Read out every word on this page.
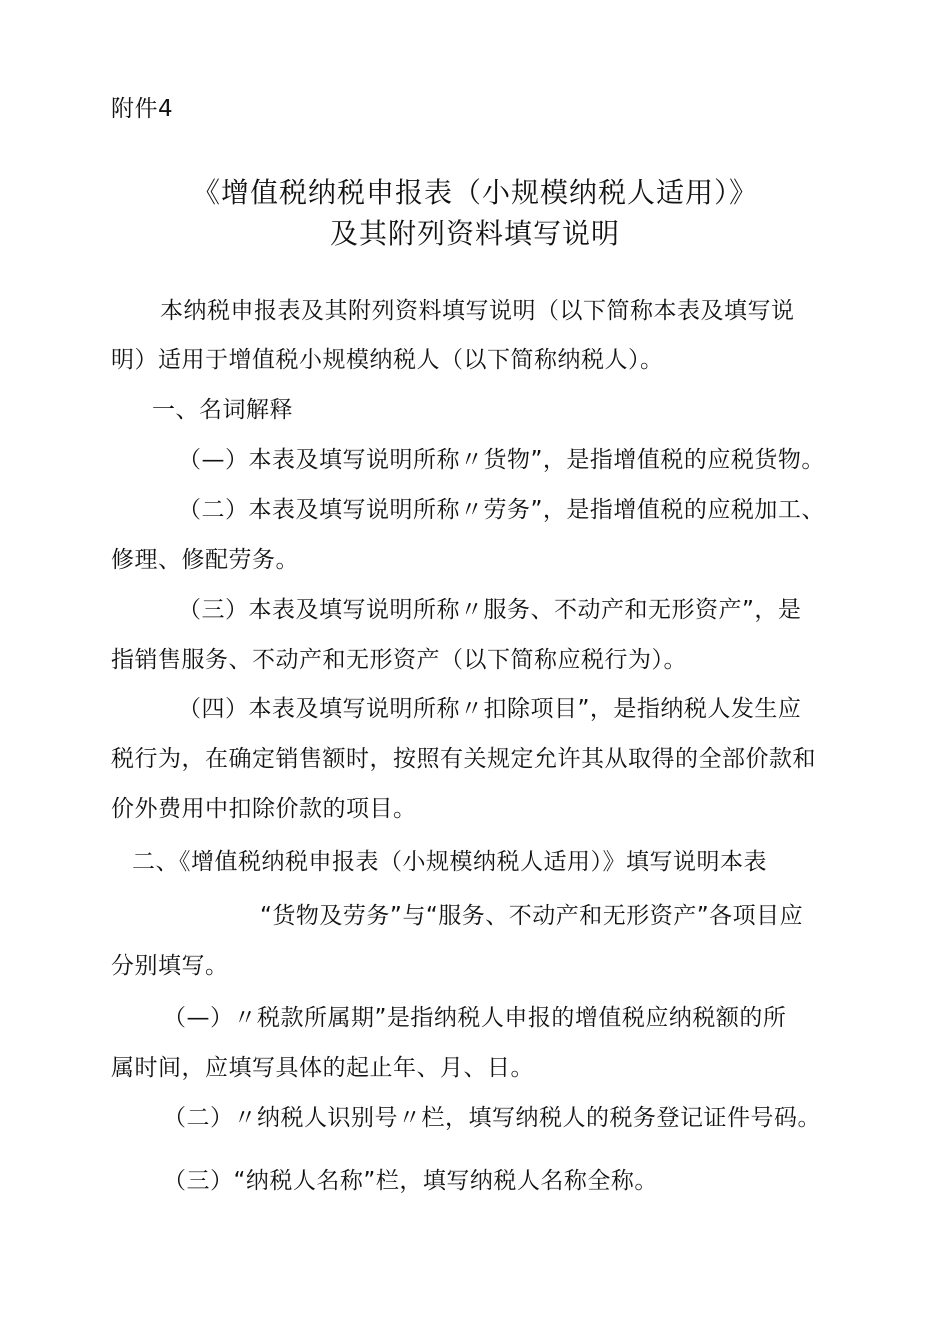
附件4
《增值税纳税申报表（小规模纳税人适用）》
及其附列资料填写说明
本纳税申报表及其附列资料填写说明（以下简称本表及填写说
明）适用于增值税小规模纳税人（以下简称纳税人）。
一、名词解释
（—）本表及填写说明所称〃货物”，是指增值税的应税货物。
（二）本表及填写说明所称〃劳务”，是指增值税的应税加工、
修理、修配劳务。
（三）本表及填写说明所称〃服务、不动产和无形资产”，是
指销售服务、不动产和无形资产（以下简称应税行为）。
（四）本表及填写说明所称〃扣除项目”，是指纳税人发生应
税行为，在确定销售额时，按照有关规定允许其从取得的全部价款和
价外费用中扣除价款的项目。
二、《增值税纳税申报表（小规模纳税人适用）》填写说明本表
“货物及劳务”与“服务、不动产和无形资产”各项目应
分别填写。
（—）〃税款所属期”是指纳税人申报的增值税应纳税额的所
属时间，应填写具体的起止年、月、日。
（二）〃纳税人识别号〃栏，填写纳税人的税务登记证件号码。
（三）“纳税人名称”栏，填写纳税人名称全称。
